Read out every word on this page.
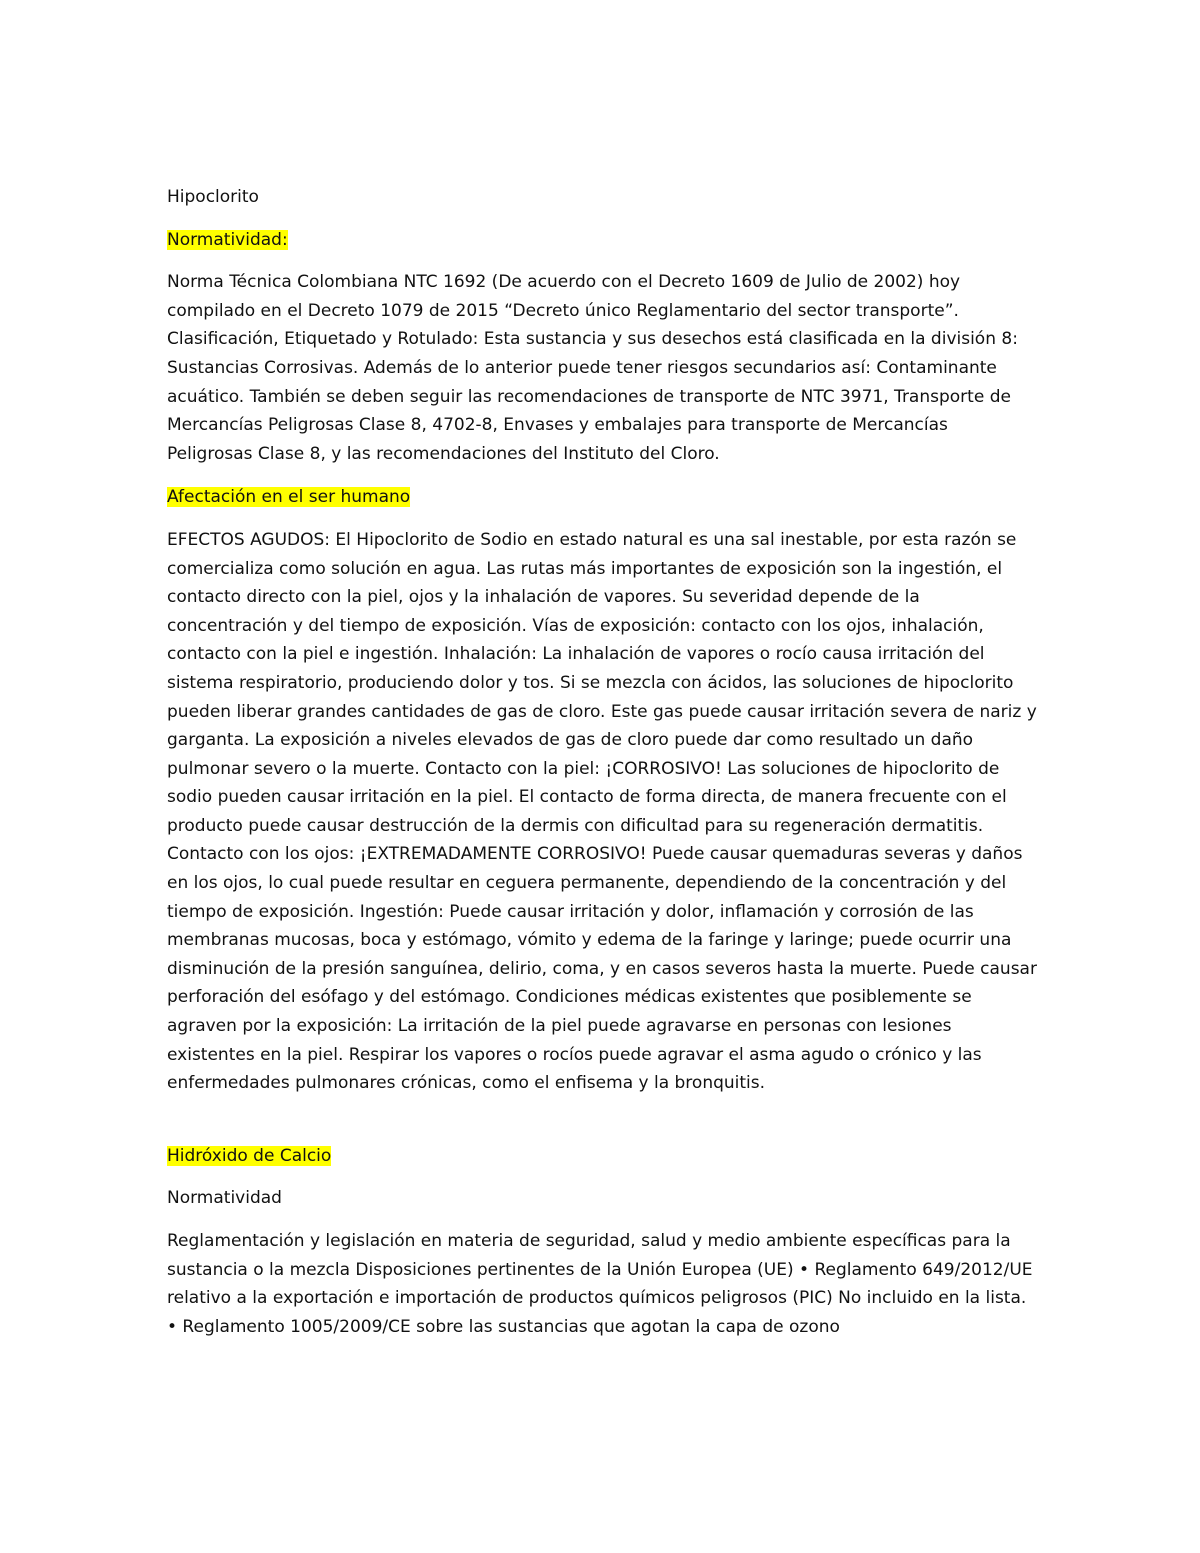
Hipoclorito

Normatividad:

Norma Técnica Colombiana NTC 1692 (De acuerdo con el Decreto 1609 de Julio de 2002) hoy compilado en el Decreto 1079 de 2015 “Decreto único Reglamentario del sector transporte”. Clasificación, Etiquetado y Rotulado: Esta sustancia y sus desechos está clasificada en la división 8: Sustancias Corrosivas. Además de lo anterior puede tener riesgos secundarios así: Contaminante acuático. También se deben seguir las recomendaciones de transporte de NTC 3971, Transporte de Mercancías Peligrosas Clase 8, 4702-8, Envases y embalajes para transporte de Mercancías Peligrosas Clase 8, y las recomendaciones del Instituto del Cloro.

Afectación en el ser humano

EFECTOS AGUDOS: El Hipoclorito de Sodio en estado natural es una sal inestable, por esta razón se comercializa como solución en agua. Las rutas más importantes de exposición son la ingestión, el contacto directo con la piel, ojos y la inhalación de vapores. Su severidad depende de la concentración y del tiempo de exposición. Vías de exposición: contacto con los ojos, inhalación, contacto con la piel e ingestión. Inhalación: La inhalación de vapores o rocío causa irritación del sistema respiratorio, produciendo dolor y tos. Si se mezcla con ácidos, las soluciones de hipoclorito pueden liberar grandes cantidades de gas de cloro. Este gas puede causar irritación severa de nariz y garganta. La exposición a niveles elevados de gas de cloro puede dar como resultado un daño pulmonar severo o la muerte. Contacto con la piel: ¡CORROSIVO! Las soluciones de hipoclorito de sodio pueden causar irritación en la piel. El contacto de forma directa, de manera frecuente con el producto puede causar destrucción de la dermis con dificultad para su regeneración dermatitis. Contacto con los ojos: ¡EXTREMADAMENTE CORROSIVO! Puede causar quemaduras severas y daños en los ojos, lo cual puede resultar en ceguera permanente, dependiendo de la concentración y del tiempo de exposición. Ingestión: Puede causar irritación y dolor, inflamación y corrosión de las membranas mucosas, boca y estómago, vómito y edema de la faringe y laringe; puede ocurrir una disminución de la presión sanguínea, delirio, coma, y en casos severos hasta la muerte. Puede causar perforación del esófago y del estómago. Condiciones médicas existentes que posiblemente se agraven por la exposición: La irritación de la piel puede agravarse en personas con lesiones existentes en la piel. Respirar los vapores o rocíos puede agravar el asma agudo o crónico y las enfermedades pulmonares crónicas, como el enfisema y la bronquitis.

Hidróxido de Calcio

Normatividad

Reglamentación y legislación en materia de seguridad, salud y medio ambiente específicas para la sustancia o la mezcla Disposiciones pertinentes de la Unión Europea (UE) • Reglamento 649/2012/UE relativo a la exportación e importación de productos químicos peligrosos (PIC) No incluido en la lista. • Reglamento 1005/2009/CE sobre las sustancias que agotan la capa de ozono
